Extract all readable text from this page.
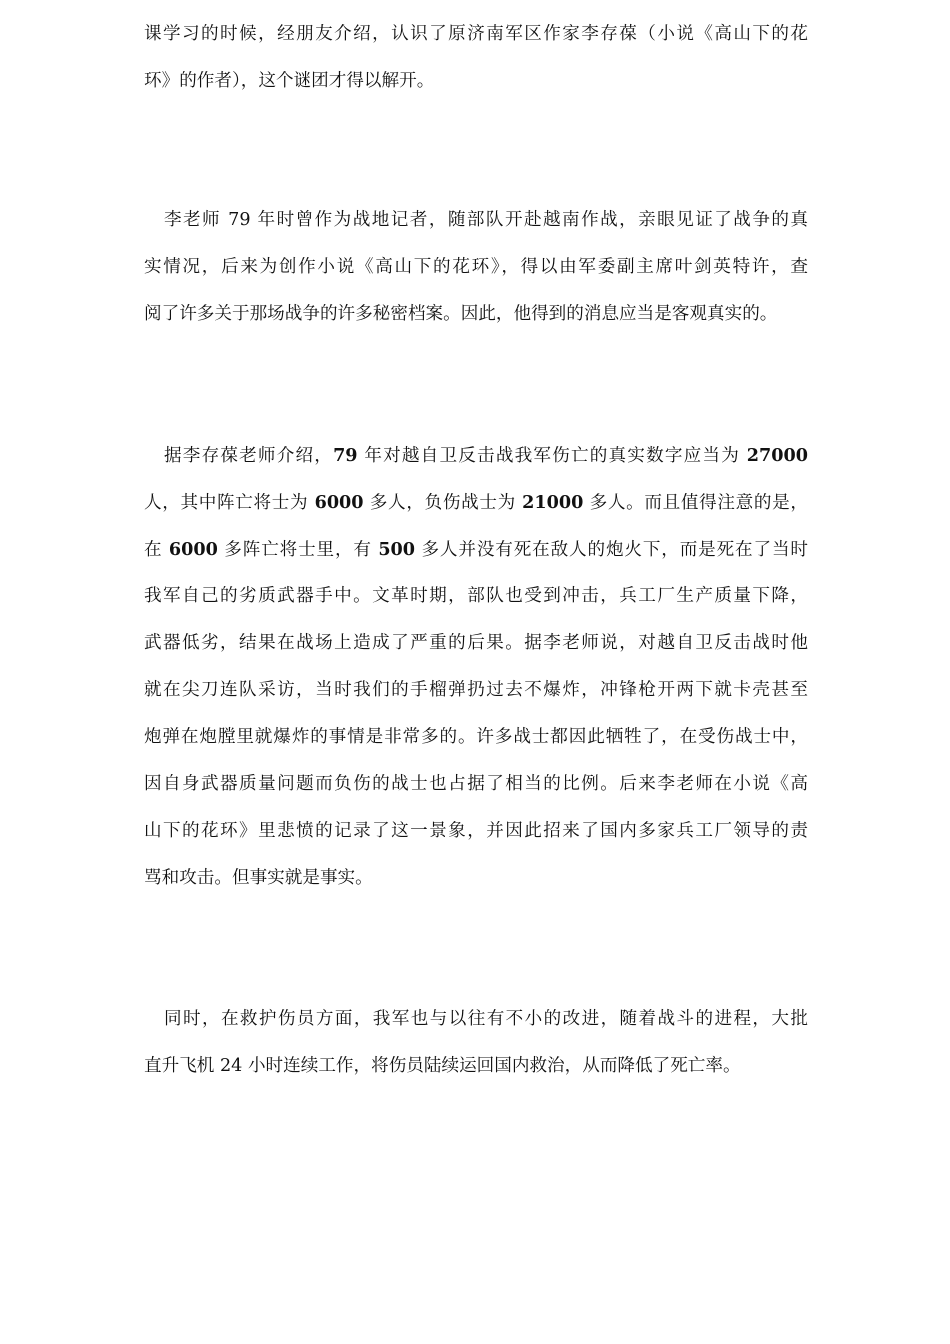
课学习的时候，经朋友介绍，认识了原济南军区作家李存葆（小说《高山下的花
环》的作者），这个谜团才得以解开。
李老师 79 年时曾作为战地记者，随部队开赴越南作战，亲眼见证了战争的真
实情况，后来为创作小说《高山下的花环》，得以由军委副主席叶剑英特许，查
阅了许多关于那场战争的许多秘密档案。因此，他得到的消息应当是客观真实的。
据李存葆老师介绍，79 年对越自卫反击战我军伤亡的真实数字应当为 27000
人，其中阵亡将士为 6000 多人，负伤战士为 21000 多人。而且值得注意的是，
在 6000 多阵亡将士里，有 500 多人并没有死在敌人的炮火下，而是死在了当时
我军自己的劣质武器手中。文革时期，部队也受到冲击，兵工厂生产质量下降，
武器低劣，结果在战场上造成了严重的后果。据李老师说，对越自卫反击战时他
就在尖刀连队采访，当时我们的手榴弹扔过去不爆炸，冲锋枪开两下就卡壳甚至
炮弹在炮膛里就爆炸的事情是非常多的。许多战士都因此牺牲了，在受伤战士中，
因自身武器质量问题而负伤的战士也占据了相当的比例。后来李老师在小说《高
山下的花环》里悲愤的记录了这一景象，并因此招来了国内多家兵工厂领导的责
骂和攻击。但事实就是事实。
同时，在救护伤员方面，我军也与以往有不小的改进，随着战斗的进程，大批
直升飞机 24 小时连续工作，将伤员陆续运回国内救治，从而降低了死亡率。
